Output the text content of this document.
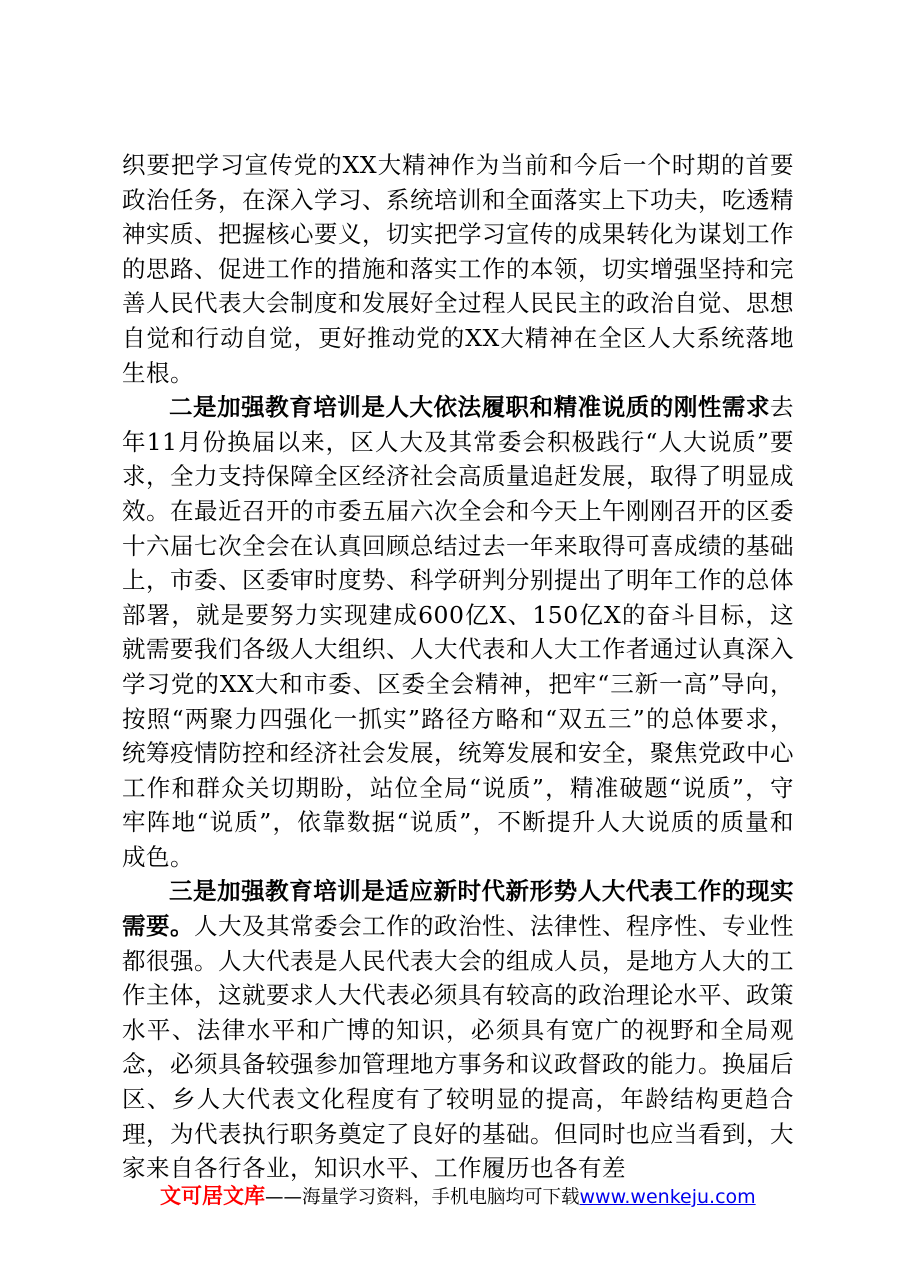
织要把学习宣传党的XX大精神作为当前和今后一个时期的首要政治任务，在深入学习、系统培训和全面落实上下功夫，吃透精神实质、把握核心要义，切实把学习宣传的成果转化为谋划工作的思路、促进工作的措施和落实工作的本领，切实增强坚持和完善人民代表大会制度和发展好全过程人民民主的政治自觉、思想自觉和行动自觉，更好推动党的XX大精神在全区人大系统落地生根。

二是加强教育培训是人大依法履职和精准说质的刚性需求去年11月份换届以来，区人大及其常委会积极践行“人大说质”要求，全力支持保障全区经济社会高质量追赶发展，取得了明显成效。在最近召开的市委五届六次全会和今天上午刚刚召开的区委十六届七次全会在认真回顾总结过去一年来取得可喜成绩的基础上，市委、区委审时度势、科学研判分别提出了明年工作的总体部署，就是要努力实现建成600亿X、150亿X的奋斗目标，这就需要我们各级人大组织、人大代表和人大工作者通过认真深入学习党的XX大和市委、区委全会精神，把牢“三新一高”导向，按照“两聚力四强化一抓实”路径方略和“双五三”的总体要求，统筹疫情防控和经济社会发展，统筹发展和安全，聚焦党政中心工作和群众关切期盼，站位全局“说质”，精准破题“说质”，守牢阵地“说质”，依靠数据“说质”，不断提升人大说质的质量和成色。

三是加强教育培训是适应新时代新形势人大代表工作的现实需要。人大及其常委会工作的政治性、法律性、程序性、专业性都很强。人大代表是人民代表大会的组成人员，是地方人大的工作主体，这就要求人大代表必须具有较高的政治理论水平、政策水平、法律水平和广博的知识，必须具有宽广的视野和全局观念，必须具备较强参加管理地方事务和议政督政的能力。换届后区、乡人大代表文化程度有了较明显的提高，年龄结构更趋合理，为代表执行职务奠定了良好的基础。但同时也应当看到，大家来自各行各业，知识水平、工作履历也各有差

文可居文库——海量学习资料，手机电脑均可下载www.wenkeju.com
